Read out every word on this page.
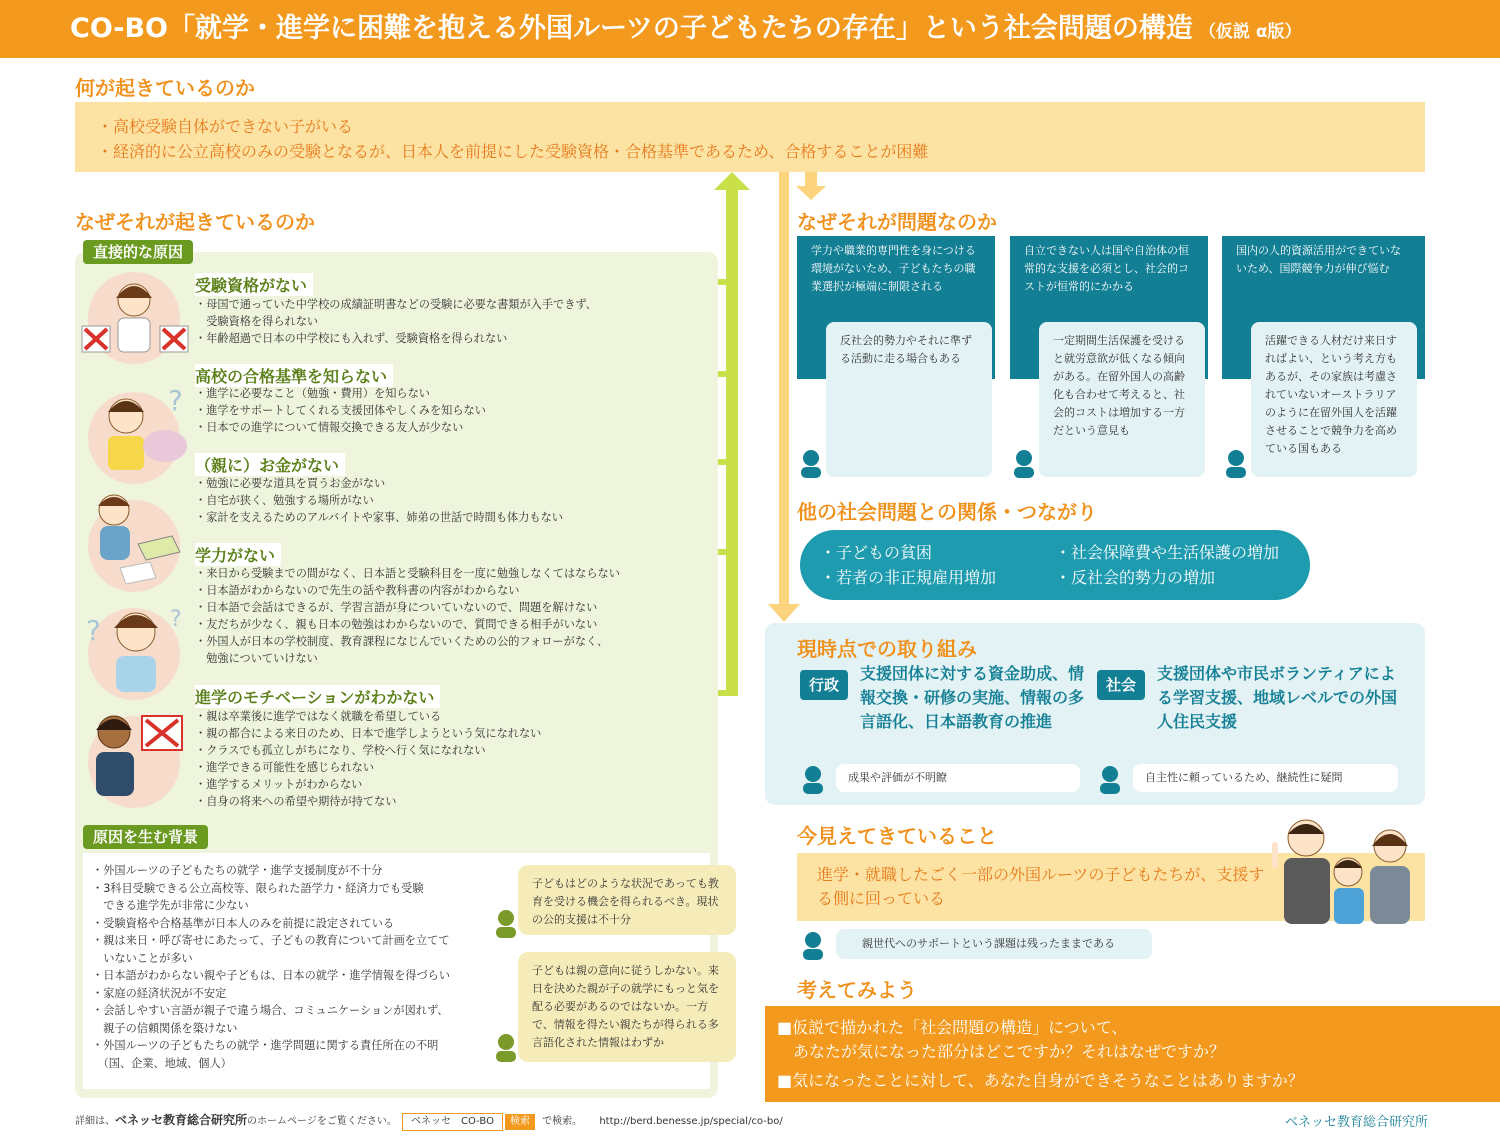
CO-BO「就学・進学に困難を抱える外国ルーツの子どもたちの存在」という社会問題の構造 （仮説 α版）
何が起きているのか
・高校受験自体ができない子がいる
・経済的に公立高校のみの受験となるが、日本人を前提にした受験資格・合格基準であるため、合格することが困難
なぜそれが起きているのか
直接的な原因
?
?	?
受験資格がない
・母国で通っていた中学校の成績証明書などの受験に必要な書類が入手できず、
　受験資格を得られない
・年齢超過で日本の中学校にも入れず、受験資格を得られない
高校の合格基準を知らない
・進学に必要なこと（勉強・費用）を知らない
・進学をサポートしてくれる支援団体やしくみを知らない
・日本での進学について情報交換できる友人が少ない
（親に）お金がない
・勉強に必要な道具を買うお金がない
・自宅が狭く、勉強する場所がない
・家計を支えるためのアルバイトや家事、姉弟の世話で時間も体力もない
学力がない
・来日から受験までの間がなく、日本語と受験科目を一度に勉強しなくてはならない
・日本語がわからないので先生の話や教科書の内容がわからない
・日本語で会話はできるが、学習言語が身についていないので、問題を解けない
・友だちが少なく、親も日本の勉強はわからないので、質問できる相手がいない
・外国人が日本の学校制度、教育課程になじんでいくための公的フォローがなく、
　勉強についていけない
進学のモチベーションがわかない
・親は卒業後に進学ではなく就職を希望している
・親の都合による来日のため、日本で進学しようという気になれない
・クラスでも孤立しがちになり、学校へ行く気になれない
・進学できる可能性を感じられない
・進学するメリットがわからない
・自身の将来への希望や期待が持てない
原因を生む背景
・外国ルーツの子どもたちの就学・進学支援制度が不十分
・3科目受験できる公立高校等、限られた語学力・経済力でも受験
　できる進学先が非常に少ない
・受験資格や合格基準が日本人のみを前提に設定されている
・親は来日・呼び寄せにあたって、子どもの教育について計画を立てて
　いないことが多い
・日本語がわからない親や子どもは、日本の就学・進学情報を得づらい
・家庭の経済状況が不安定
・会話しやすい言語が親子で違う場合、コミュニケーションが図れず、
　親子の信頼関係を築けない
・外国ルーツの子どもたちの就学・進学問題に関する責任所在の不明
　（国、企業、地域、個人）
子どもはどのような状況であっても教育を受ける機会を得られるべき。現状の公的支援は不十分
子どもは親の意向に従うしかない。来日を決めた親が子の就学にもっと気を配る必要があるのではないか。一方で、情報を得たい親たちが得られる多言語化された情報はわずか
なぜそれが問題なのか
学力や職業的専門性を身につける環境がないため、子どもたちの職業選択が極端に制限される
反社会的勢力やそれに準ずる活動に走る場合もある
自立できない人は国や自治体の恒常的な支援を必須とし、社会的コストが恒常的にかかる
一定期間生活保護を受けると就労意欲が低くなる傾向がある。在留外国人の高齢化も合わせて考えると、社会的コストは増加する一方だという意見も
国内の人的資源活用ができていないため、国際競争力が伸び悩む
活躍できる人材だけ来日すればよい、という考え方もあるが、その家族は考慮されていないオーストラリアのように在留外国人を活躍させることで競争力を高めている国もある
他の社会問題との関係・つながり
・子どもの貧困
・若者の非正規雇用増加
・社会保障費や生活保護の増加
・反社会的勢力の増加
現時点での取り組み
行政
支援団体に対する資金助成、情報交換・研修の実施、情報の多言語化、日本語教育の推進
社会
支援団体や市民ボランティアによる学習支援、地域レベルでの外国人住民支援
成果や評価が不明瞭	自主性に頼っているため、継続性に疑問
今見えてきていること
進学・就職したごく一部の外国ルーツの子どもたちが、支援する側に回っている
親世代へのサポートという課題は残ったままである
考えてみよう
■仮説で描かれた「社会問題の構造」について、
　あなたが気になった部分はどこですか？それはなぜですか？
■気になったことに対して、あなた自身ができそうなことはありますか？
詳細は、ベネッセ教育総合研究所のホームページをご覧ください。 ベネッセ　CO-BO 検索 で検索。 http://berd.benesse.jp/special/co-bo/	ベネッセ教育総合研究所
